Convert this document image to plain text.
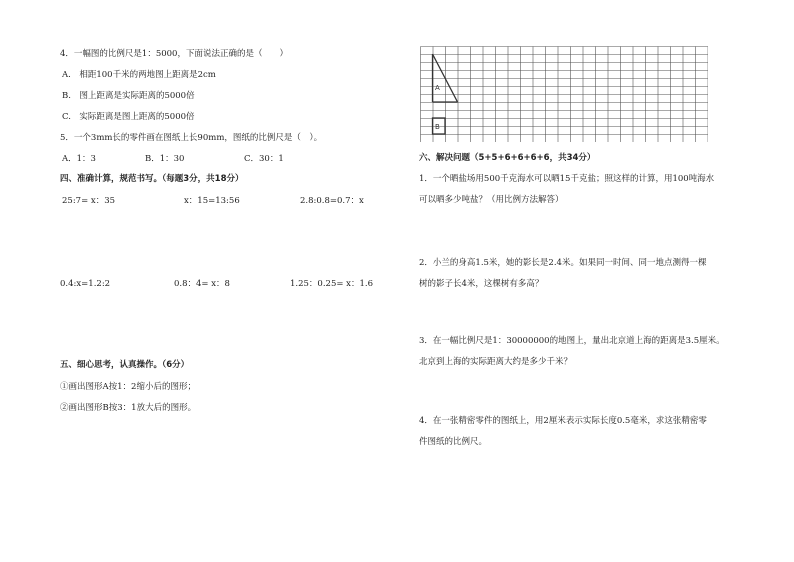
4．一幅图的比例尺是1：5000，下面说法正确的是（　　）
A.　相距100千米的两地图上距离是2cm
B.　图上距离是实际距离的5000倍
C.　实际距离是图上距离的5000倍
5．一个3mm长的零件画在图纸上长90mm，图纸的比例尺是（　）。
A．1：3	B．1：30	C．30：1
四、准确计算，规范书写。（每题3分，共18分）
25:7= x：35	x：15=13:56	2.8:0.8=0.7：x
0.4:x=1.2:2	0.8：4= x：8	1.25：0.25= x：1.6
五、细心思考，认真操作。（6分）
①画出图形A按1：2缩小后的图形；
②画出图形B按3：1放大后的图形。
A
B
六、解决问题（5+5+6+6+6+6，共34分）
1．一个晒盐场用500千克海水可以晒15千克盐；照这样的计算，用100吨海水
可以晒多少吨盐？（用比例方法解答）
2．小兰的身高1.5米，她的影长是2.4米。如果同一时间、同一地点测得一棵
树的影子长4米，这棵树有多高？
3．在一幅比例尺是1：30000000的地图上，量出北京道上海的距离是3.5厘米。
北京到上海的实际距离大约是多少千米？
4．在一张精密零件的图纸上，用2厘米表示实际长度0.5毫米，求这张精密零
件图纸的比例尺。
